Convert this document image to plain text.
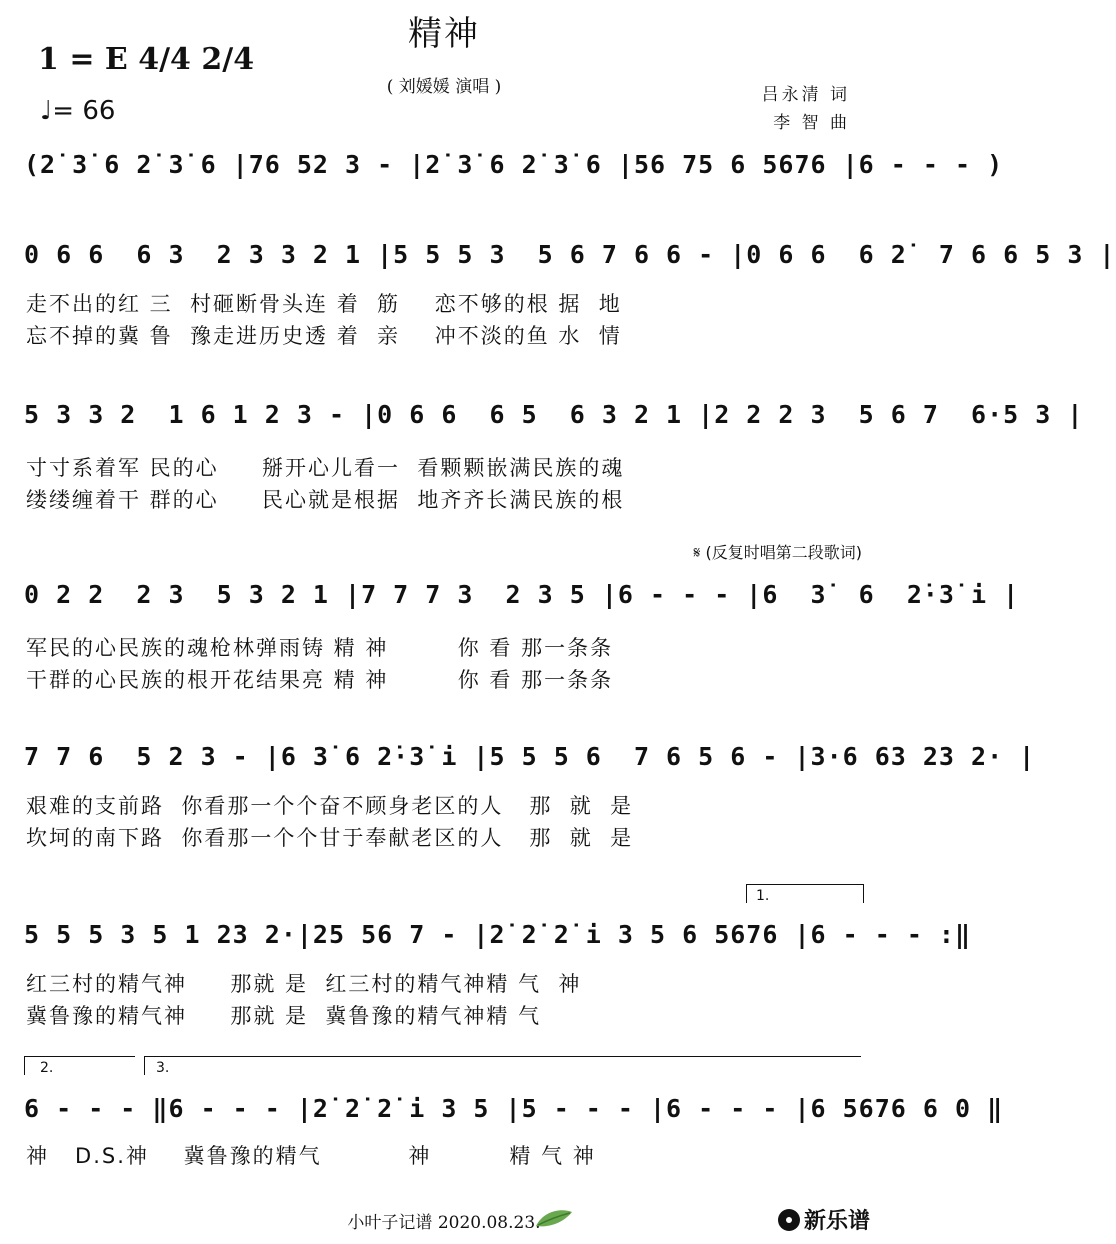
精神
1 = E 4/4 2/4
♩= 66
( 刘媛媛 演唱 )	吕永清 词
李 智 曲
(2̇ 3̇ 6 2̇ 3̇ 6 |76 52 3 - |2̇ 3̇ 6 2̇ 3̇ 6 |56 75 6 5676 |6 - - - )
0 6 6  6 3  2 3 3 2 1 |5 5 5 3  5 6 7 6 6 - |0 6 6  6 2̇  7 6 6 5 3 |
走不出的红 三  村砸断骨头连 着  筋    恋不够的根 据  地
忘不掉的冀 鲁  豫走进历史透 着  亲    冲不淡的鱼 水  情
5 3 3 2  1 6 1 2 3 - |0 6 6  6 5  6 3 2 1 |2 2 2 3  5 6 7  6·5 3 |
寸寸系着军 民的心     掰开心儿看一  看颗颗嵌满民族的魂
缕缕缠着干 群的心     民心就是根据  地齐齐长满民族的根
𝄋 (反复时唱第二段歌词)
0 2 2  2 3  5 3 2 1 |7 7 7 3  2 3 5 |6 - - - |6  3̇  6  2̇·3̇ i |
军民的心民族的魂枪林弹雨铸 精 神        你 看 那一条条
干群的心民族的根开花结果亮 精 神        你 看 那一条条
7 7 6  5 2 3 - |6 3̇ 6 2̇·3̇ i |5 5 5 6  7 6 5 6 - |3·6 63 23 2· |
艰难的支前路  你看那一个个奋不顾身老区的人   那  就  是
坎坷的南下路  你看那一个个甘于奉献老区的人   那  就  是
1.
5 5 5 3 5 1 23 2·|25 56 7 - |2̇ 2̇ 2̇ i 3 5 6 5676 |6 - - - :‖
红三村的精气神     那就 是  红三村的精气神精 气  神
冀鲁豫的精气神     那就 是  冀鲁豫的精气神精 气
2.	3.
6 - - - ‖6 - - - |2̇ 2̇ 2̇ i 3 5 |5 - - - |6 - - - |6 5676 6 0 ‖
神   D.S.神    冀鲁豫的精气          神         精 气 神
小叶子记谱 2020.08.23.	新乐谱
